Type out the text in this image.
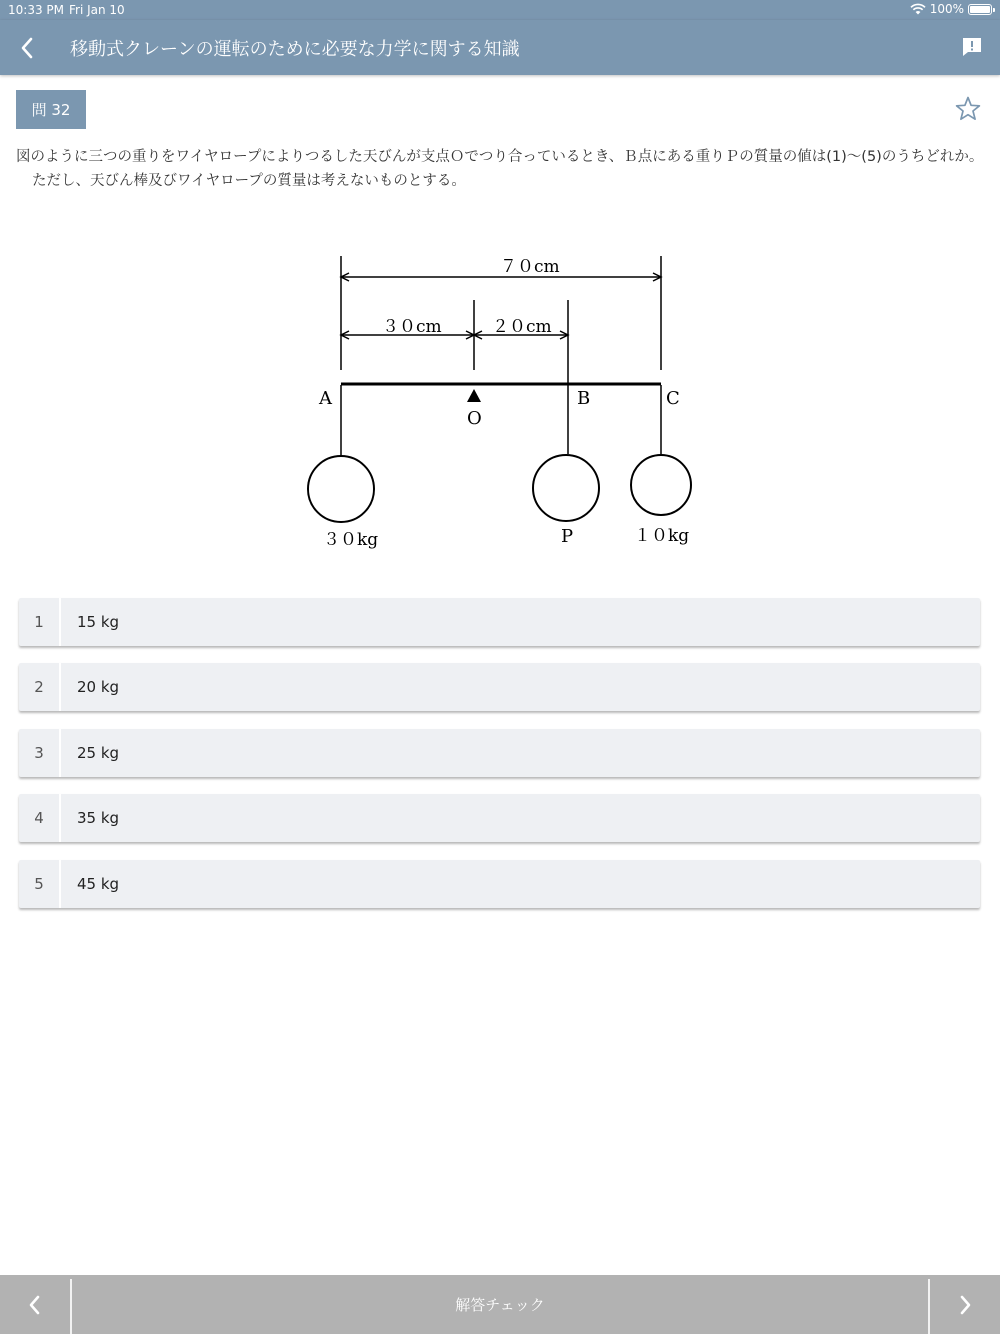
10:33 PM Fri Jan 10	100%
移動式クレーンの運転のために必要な力学に関する知識
問 32

図のように三つの重りをワイヤロープによりつるした天びんが支点Ｏでつり合っているとき、Ｂ点にある重りＰの質量の値は(1)〜(5)のうちどれか。

ただし、天びん棒及びワイヤロープの質量は考えないものとする。

７０cm
３０cm	２０cm
A
O
B	C
３０kg	P	１０kg
1	15 kg
2	20 kg
3	25 kg
4	35 kg
5	45 kg
解答チェック
